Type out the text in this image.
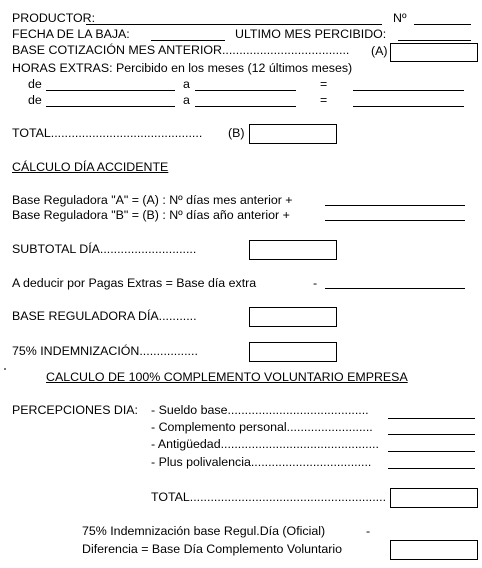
PRODUCTOR:	Nº
FECHA DE LA BAJA:	ULTIMO MES PERCIBIDO:
BASE COTIZACIÓN MES ANTERIOR..................................... (A)
HORAS EXTRAS: Percibido en los meses (12 últimos meses)
de	a	=
de	a	=
TOTAL............................................ (B)
CÁLCULO DÍA ACCIDENTE
Base Reguladora "A" = (A) : Nº días mes anterior +
Base Reguladora "B" = (B) : Nº días año anterior +
SUBTOTAL DÍA............................
A deducir por Pagas Extras = Base día extra	-
BASE REGULADORA DÍA...........
75% INDEMNIZACIÓN.................
CALCULO DE 100% COMPLEMENTO VOLUNTARIO EMPRESA
PERCEPCIONES DIA: - Sueldo base.........................................
- Complemento personal.........................
- Antigüedad..............................................
- Plus polivalencia...................................
TOTAL.........................................................
75% Indemnización base Regul.Día (Oficial)	-
Diferencia = Base Día Complemento Voluntario
